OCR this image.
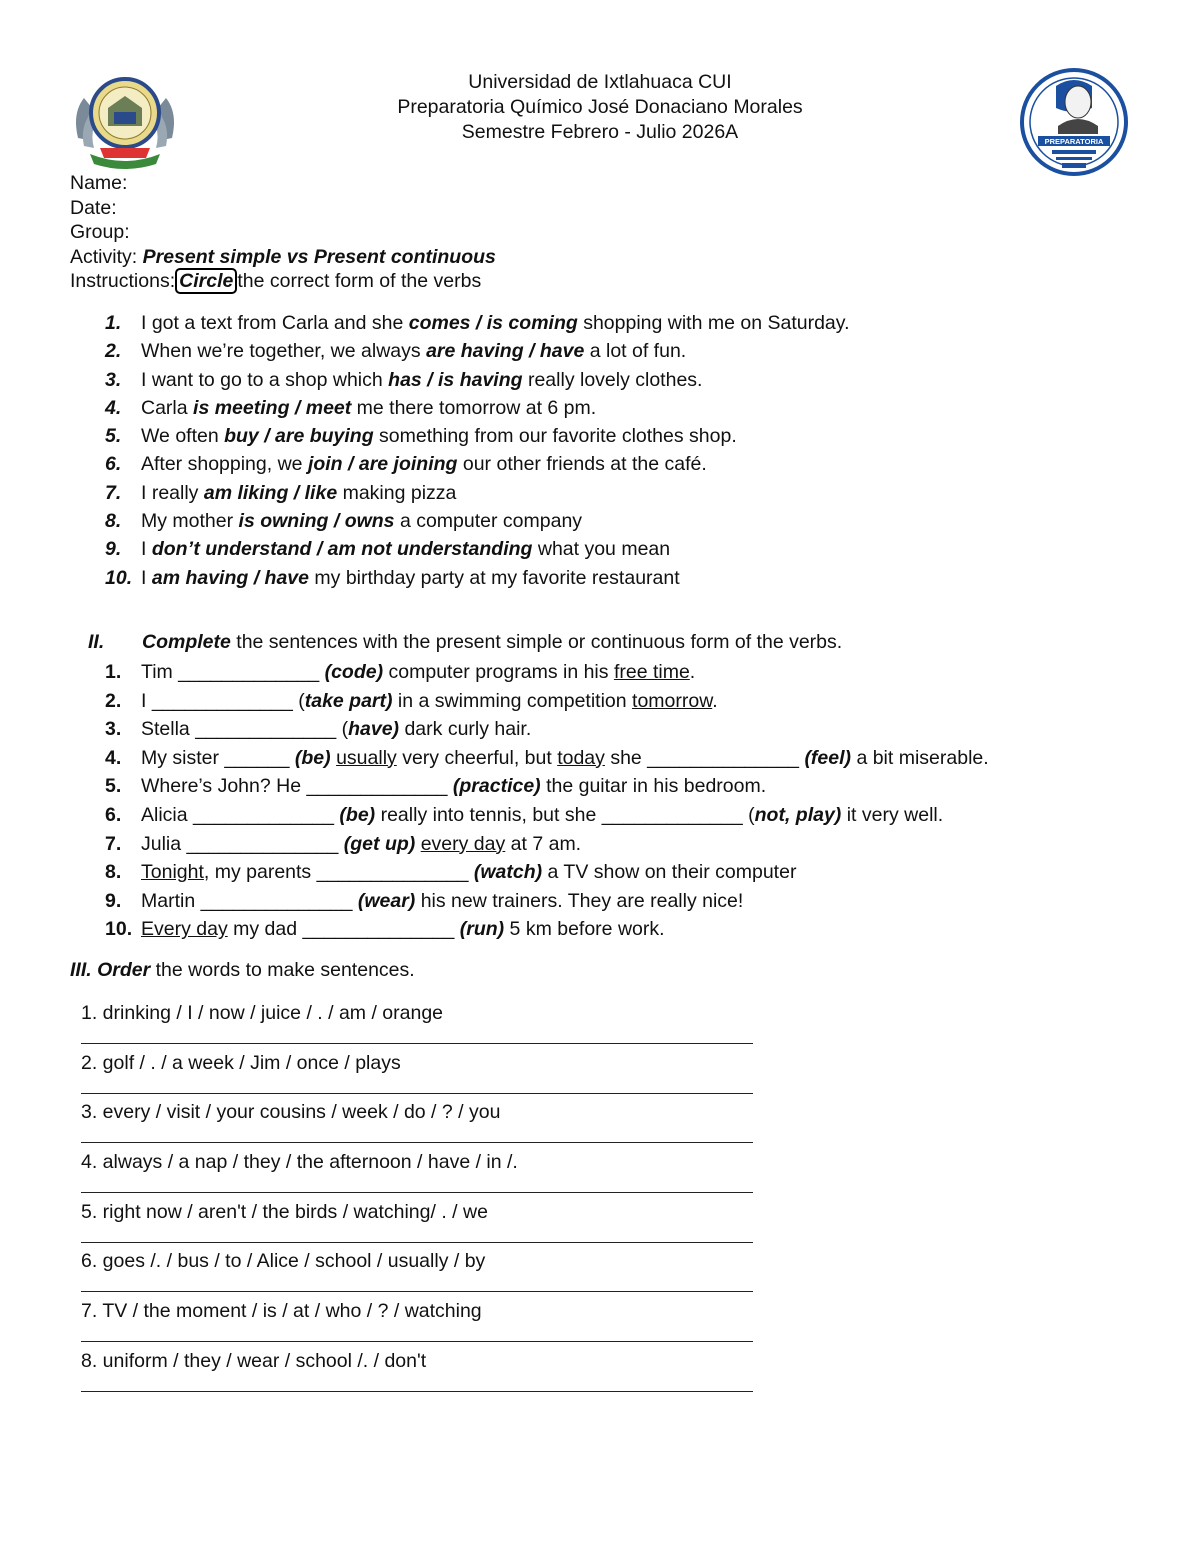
PREPARATORIA
Universidad de Ixtlahuaca CUI
Preparatoria Químico José Donaciano Morales
Semestre Febrero - Julio 2026A
Name:
Date:
Group:
Activity: Present simple vs Present continuous
Instructions: Circle the correct form of the verbs
1. I got a text from Carla and she comes / is coming shopping with me on Saturday.
2. When we’re together, we always are having / have a lot of fun.
3. I want to go to a shop which has / is having really lovely clothes.
4. Carla is meeting / meet me there tomorrow at 6 pm.
5. We often buy / are buying something from our favorite clothes shop.
6. After shopping, we join / are joining our other friends at the café.
7. I really am liking / like making pizza
8. My mother is owning / owns a computer company
9. I don’t understand / am not understanding what you mean
10. I am having / have my birthday party at my favorite restaurant
II. Complete the sentences with the present simple or continuous form of the verbs.
1. Tim _____________ (code) computer programs in his free time.
2. I _____________ (take part) in a swimming competition tomorrow.
3. Stella _____________ (have) dark curly hair.
4. My sister ______ (be) usually very cheerful, but today she ______________ (feel) a bit miserable.
5. Where’s John? He _____________ (practice) the guitar in his bedroom.
6. Alicia _____________ (be) really into tennis, but she _____________ (not, play) it very well.
7. Julia ______________ (get up) every day at 7 am.
8. Tonight, my parents ______________ (watch) a TV show on their computer
9. Martin ______________ (wear) his new trainers. They are really nice!
10. Every day my dad ______________ (run) 5 km before work.
III. Order the words to make sentences.
1. drinking / I / now / juice / . / am / orange
2. golf / . / a week / Jim / once / plays
3. every / visit / your cousins / week / do / ? / you
4. always / a nap / they / the afternoon / have / in /.
5. right now / aren't / the birds / watching/ . / we
6. goes /. / bus / to / Alice / school / usually / by
7. TV / the moment / is / at / who / ? / watching
8. uniform / they / wear / school /. / don't
